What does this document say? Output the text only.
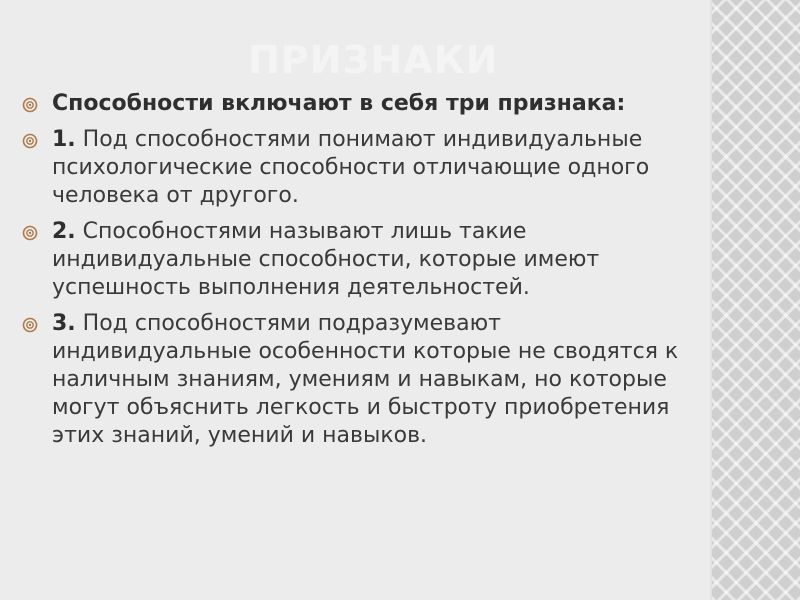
ПРИЗНАКИ
Способности включают в себя три признака:
1. Под способностями понимают индивидуальные психологические способности отличающие одного человека от другого.
2. Способностями называют лишь такие индивидуальные способности, которые имеют успешность выполнения деятельностей.
3. Под способностями подразумевают индивидуальные особенности которые не сводятся к наличным знаниям, умениям и навыкам, но которые могут объяснить легкость и быстроту приобретения этих знаний, умений и навыков.
